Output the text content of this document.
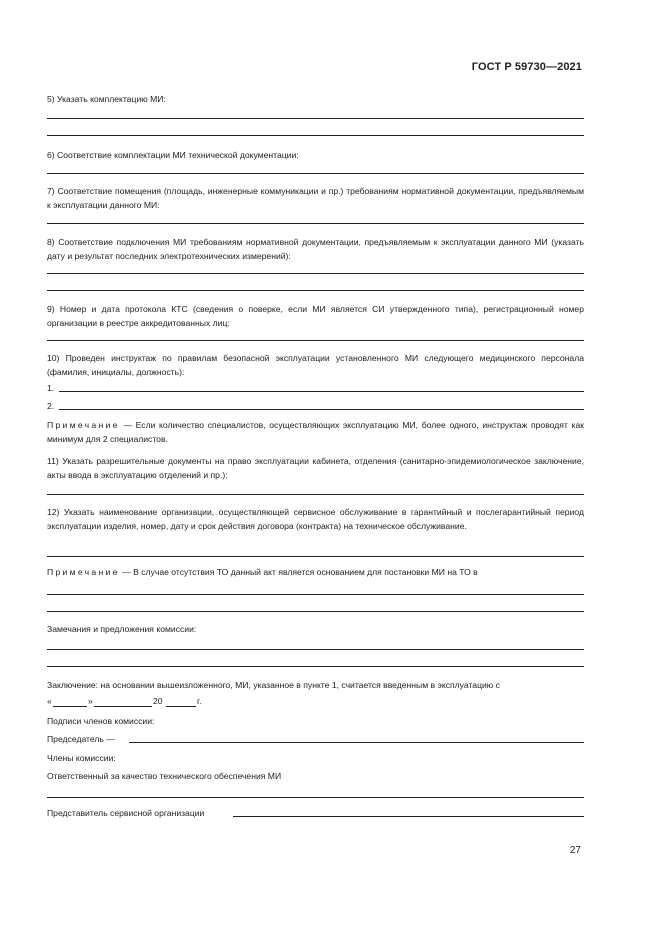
ГОСТ Р 59730—2021
5) Указать комплектацию МИ:
6) Соответствие комплектации МИ технической документации:
7) Соответствие помещения (площадь, инженерные коммуникации и пр.) требованиям нормативной документации, предъявляемым к эксплуатации данного МИ:
8) Соответствие подключения МИ требованиям нормативной документации, предъявляемым к эксплуатации данного МИ (указать дату и результат последних электротехнических измерений):
9) Номер и дата протокола КТС (сведения о поверке, если МИ является СИ утвержденного типа), регистрационный номер организации в реестре аккредитованных лиц:
10) Проведен инструктаж по правилам безопасной эксплуатации установленного МИ следующего медицинского персонала (фамилия, инициалы, должность):
1.
2.
Примечание — Если количество специалистов, осуществляющих эксплуатацию МИ, более одного, инструктаж проводят как минимум для 2 специалистов.
11) Указать разрешительные документы на право эксплуатации кабинета, отделения (санитарно-эпидемиологическое заключение, акты ввода в эксплуатацию отделений и пр.):
12) Указать наименование организации, осуществляющей сервисное обслуживание в гарантийный и послегарантийный период эксплуатации изделия, номер, дату и срок действия договора (контракта) на техническое обслуживание.
Примечание — В случае отсутствия ТО данный акт является основанием для постановки МИ на ТО в
Замечания и предложения комиссии:
Заключение: на основании вышеизложенного, МИ, указанное в пункте 1, считается введенным в эксплуатацию с
«	»	20	г.
Подписи членов комиссии:
Председатель —
Члены комиссии:
Ответственный за качество технического обеспечения МИ
Представитель сервисной организации
27
